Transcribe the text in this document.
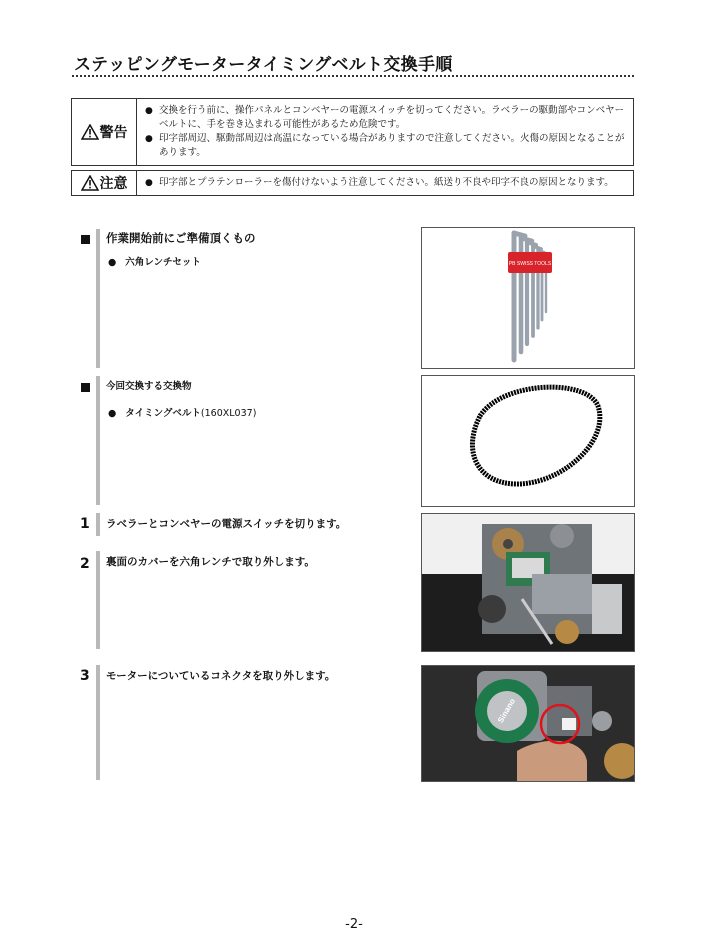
ステッピングモータータイミングベルト交換手順
警告	● 交換を行う前に、操作パネルとコンベヤーの電源スイッチを切ってください。ラベラーの駆動部やコンベヤーベルトに、手を巻き込まれる可能性があるため危険です。
● 印字部周辺、駆動部周辺は高温になっている場合がありますので注意してください。火傷の原因となることがあります。

注意	● 印字部とプラテンローラーを傷付けないよう注意してください。紙送り不良や印字不良の原因となります。
作業開始前にご準備頂くもの
● 六角レンチセット	PB SWISS TOOLS
今回交換する交換物
● タイミングベルト(160XL037)
1 ラベラーとコンベヤーの電源スイッチを切ります。
2 裏面のカバーを六角レンチで取り外します。
3 モーターについているコネクタを取り外します。
Sinano
-2-
